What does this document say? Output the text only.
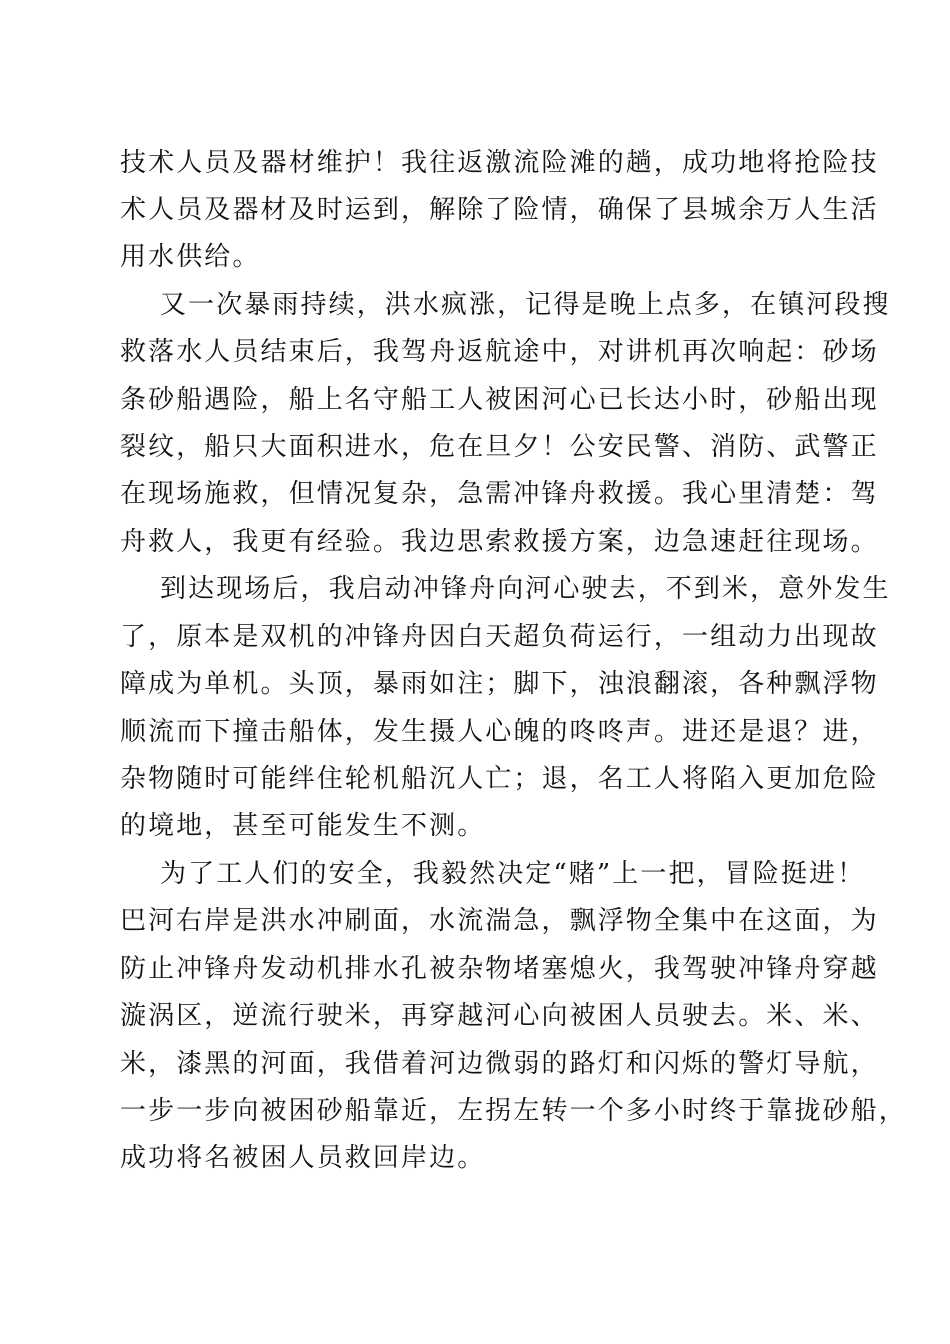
技术人员及器材维护！我往返激流险滩的趟，成功地将抢险技
术人员及器材及时运到，解除了险情，确保了县城余万人生活
用水供给。
又一次暴雨持续，洪水疯涨，记得是晚上点多，在镇河段搜
救落水人员结束后，我驾舟返航途中，对讲机再次响起：砂场
条砂船遇险，船上名守船工人被困河心已长达小时，砂船出现
裂纹，船只大面积进水，危在旦夕！公安民警、消防、武警正
在现场施救，但情况复杂，急需冲锋舟救援。我心里清楚：驾
舟救人，我更有经验。我边思索救援方案，边急速赶往现场。
到达现场后，我启动冲锋舟向河心驶去，不到米，意外发生
了，原本是双机的冲锋舟因白天超负荷运行，一组动力出现故
障成为单机。头顶，暴雨如注；脚下，浊浪翻滚，各种飘浮物
顺流而下撞击船体，发生摄人心魄的咚咚声。进还是退？进，
杂物随时可能绊住轮机船沉人亡；退，名工人将陷入更加危险
的境地，甚至可能发生不测。
为了工人们的安全，我毅然决定“赌”上一把，冒险挺进！
巴河右岸是洪水冲刷面，水流湍急，飘浮物全集中在这面，为
防止冲锋舟发动机排水孔被杂物堵塞熄火，我驾驶冲锋舟穿越
漩涡区，逆流行驶米，再穿越河心向被困人员驶去。米、米、
米，漆黑的河面，我借着河边微弱的路灯和闪烁的警灯导航，
一步一步向被困砂船靠近，左拐左转一个多小时终于靠拢砂船，
成功将名被困人员救回岸边。
